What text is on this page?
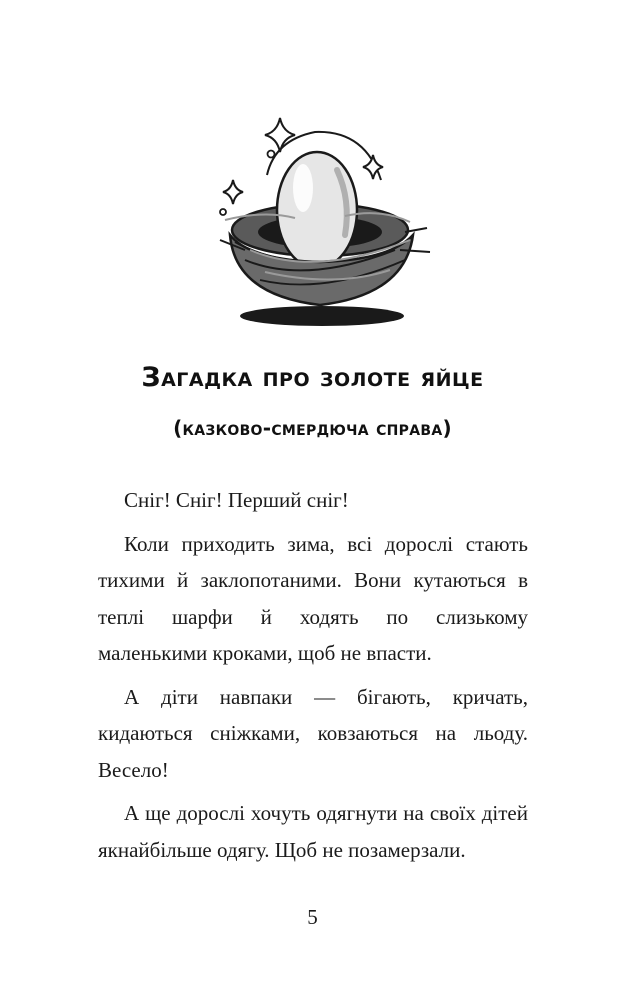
Загадка про золоте яйце
(казково-смердюча справа)

Сніг! Сніг! Перший сніг!

Коли приходить зима, всі дорослі стають тихими й заклопотаними. Вони кутаються в теплі шарфи й ходять по слизькому маленькими кроками, щоб не впасти.

А діти навпаки — бігають, кричать, кидаються сніжками, ковзаються на льоду. Весело!

А ще дорослі хочуть одягнути на своїх дітей якнайбільше одягу. Щоб не позамерзали.

5
